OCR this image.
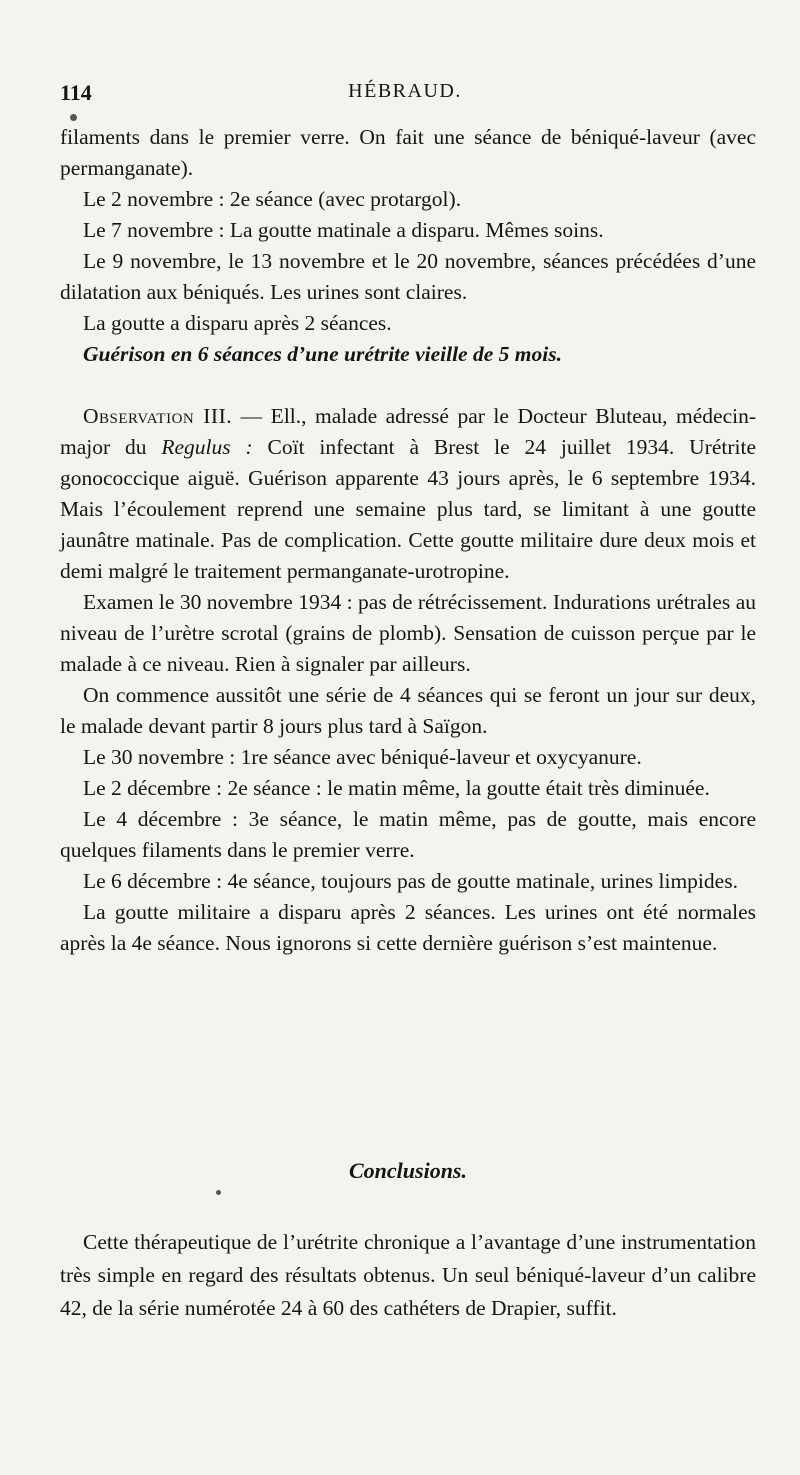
114	HÉBRAUD.

filaments dans le premier verre. On fait une séance de béniqué-laveur (avec permanganate).

Le 2 novembre : 2e séance (avec protargol).

Le 7 novembre : La goutte matinale a disparu. Mêmes soins.

Le 9 novembre, le 13 novembre et le 20 novembre, séances précédées d’une dilatation aux béniqués. Les urines sont claires.

La goutte a disparu après 2 séances.

Guérison en 6 séances d’une urétrite vieille de 5 mois.

Observation III. — Ell., malade adressé par le Docteur Bluteau, médecin-major du Regulus : Coït infectant à Brest le 24 juillet 1934. Urétrite gonococcique aiguë. Guérison apparente 43 jours après, le 6 septembre 1934. Mais l’écoulement reprend une semaine plus tard, se limitant à une goutte jaunâtre matinale. Pas de complication. Cette goutte militaire dure deux mois et demi malgré le traitement permanganate-urotropine.

Examen le 30 novembre 1934 : pas de rétrécissement. Indurations urétrales au niveau de l’urètre scrotal (grains de plomb). Sensation de cuisson perçue par le malade à ce niveau. Rien à signaler par ailleurs.

On commence aussitôt une série de 4 séances qui se feront un jour sur deux, le malade devant partir 8 jours plus tard à Saïgon.

Le 30 novembre : 1re séance avec béniqué-laveur et oxycyanure.

Le 2 décembre : 2e séance : le matin même, la goutte était très diminuée.

Le 4 décembre : 3e séance, le matin même, pas de goutte, mais encore quelques filaments dans le premier verre.

Le 6 décembre : 4e séance, toujours pas de goutte matinale, urines limpides.

La goutte militaire a disparu après 2 séances. Les urines ont été normales après la 4e séance. Nous ignorons si cette dernière guérison s’est maintenue.

Conclusions.

Cette thérapeutique de l’urétrite chronique a l’avantage d’une instrumentation très simple en regard des résultats obtenus. Un seul béniqué-laveur d’un calibre 42, de la série numérotée 24 à 60 des cathéters de Drapier, suffit.
